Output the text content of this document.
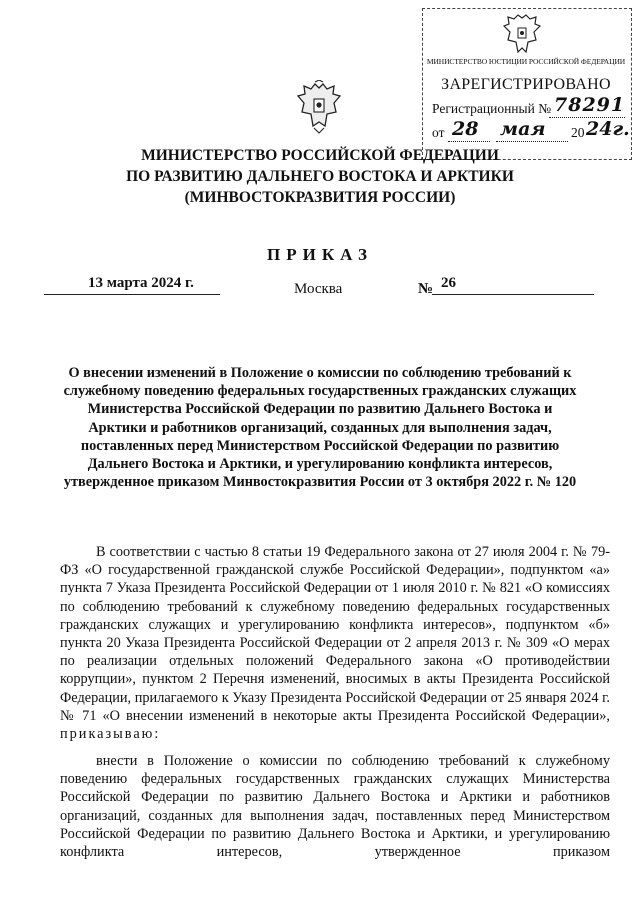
МИНИСТЕРСТВО ЮСТИЦИИ РОССИЙСКОЙ ФЕДЕРАЦИИ
ЗАРЕГИСТРИРОВАНО
Регистрационный № 78291
от 28 мая 20 24г.
МИНИСТЕРСТВО РОССИЙСКОЙ ФЕДЕРАЦИИ
ПО РАЗВИТИЮ ДАЛЬНЕГО ВОСТОКА И АРКТИКИ
(МИНВОСТОКРАЗВИТИЯ РОССИИ)
ПРИКАЗ
13 марта 2024 г.	Москва	№ 26
О внесении изменений в Положение о комиссии по соблюдению требований к служебному поведению федеральных государственных гражданских служащих Министерства Российской Федерации по развитию Дальнего Востока и Арктики и работников организаций, созданных для выполнения задач, поставленных перед Министерством Российской Федерации по развитию Дальнего Востока и Арктики, и урегулированию конфликта интересов, утвержденное приказом Минвостокразвития России от 3 октября 2022 г. № 120
В соответствии с частью 8 статьи 19 Федерального закона от 27 июля 2004 г. № 79-ФЗ «О государственной гражданской службе Российской Федерации», подпунктом «а» пункта 7 Указа Президента Российской Федерации от 1 июля 2010 г. № 821 «О комиссиях по соблюдению требований к служебному поведению федеральных государственных гражданских служащих и урегулированию конфликта интересов», подпунктом «б» пункта 20 Указа Президента Российской Федерации от 2 апреля 2013 г. № 309 «О мерах по реализации отдельных положений Федерального закона «О противодействии коррупции», пунктом 2 Перечня изменений, вносимых в акты Президента Российской Федерации, прилагаемого к Указу Президента Российской Федерации от 25 января 2024 г. № 71 «О внесении изменений в некоторые акты Президента Российской Федерации», приказываю:
внести в Положение о комиссии по соблюдению требований к служебному поведению федеральных государственных гражданских служащих Министерства Российской Федерации по развитию Дальнего Востока и Арктики и работников организаций, созданных для выполнения задач, поставленных перед Министерством Российской Федерации по развитию Дальнего Востока и Арктики, и урегулированию конфликта интересов, утвержденное приказом
